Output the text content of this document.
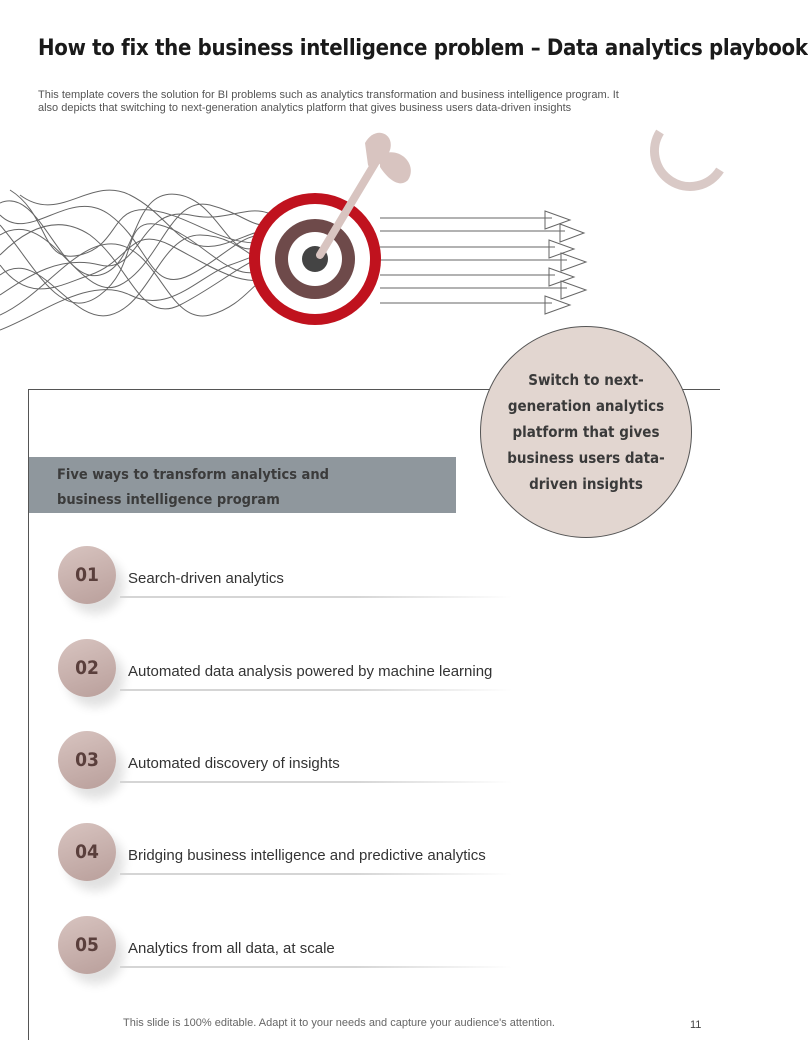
How to fix the business intelligence problem – Data analytics playbook
This template covers the solution for BI problems such as analytics transformation and business intelligence program. It also depicts that switching to next-generation analytics platform that gives business users data-driven insights
Switch to next-generation analytics platform that gives business users data-driven insights
Five ways to transform analytics and business intelligence program
01	Search-driven analytics
02	Automated data analysis powered by machine learning
03	Automated discovery of insights
04	Bridging business intelligence and predictive analytics
05	Analytics from all data, at scale
This slide is 100% editable. Adapt it to your needs and capture your audience's attention.	11
